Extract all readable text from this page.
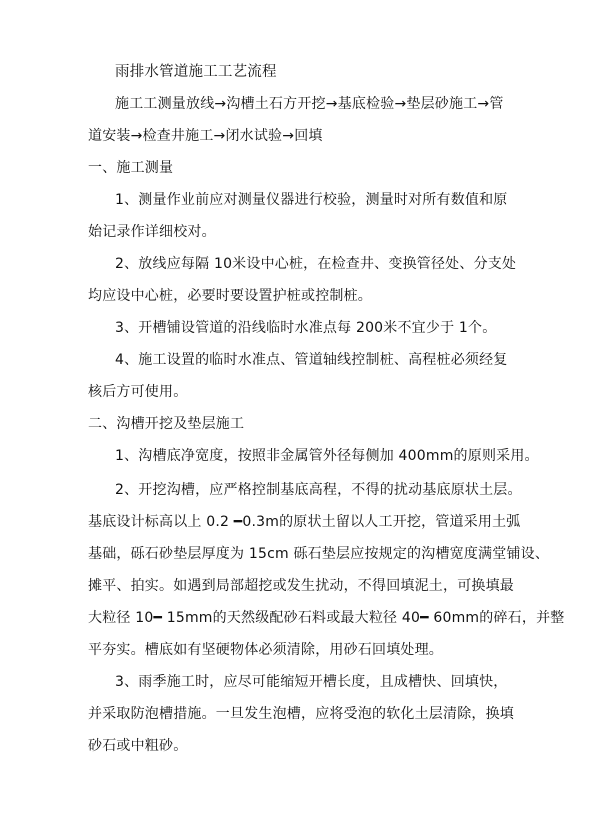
雨排水管道施工工艺流程
施工工测量放线→沟槽土石方开挖→基底检验→垫层砂施工→管
道安装→检查井施工→闭水试验→回填
一、施工测量
1、测量作业前应对测量仪器进行校验，测量时对所有数值和原
始记录作详细校对。
2、放线应每隔 10米设中心桩，在检查井、变换管径处、分支处
均应设中心桩，必要时要设置护桩或控制桩。
3、开槽铺设管道的沿线临时水准点每 200米不宜少于 1个。
4、施工设置的临时水准点、管道轴线控制桩、高程桩必须经复
核后方可使用。
二、沟槽开挖及垫层施工
1、沟槽底净宽度，按照非金属管外径每侧加 400mm的原则采用。
2、开挖沟槽，应严格控制基底高程，不得的扰动基底原状土层。
基底设计标高以上 0.2 ━0.3m的原状土留以人工开挖，管道采用土弧
基础，砾石砂垫层厚度为 15cm 砾石垫层应按规定的沟槽宽度满堂铺设、
摊平、拍实。如遇到局部超挖或发生扰动，不得回填泥土，可换填最
大粒径 10━ 15mm的天然级配砂石料或最大粒径 40━ 60mm的碎石，并整
平夯实。槽底如有坚硬物体必须清除，用砂石回填处理。
3、雨季施工时，应尽可能缩短开槽长度，且成槽快、回填快，
并采取防泡槽措施。一旦发生泡槽，应将受泡的软化土层清除，换填
砂石或中粗砂。
